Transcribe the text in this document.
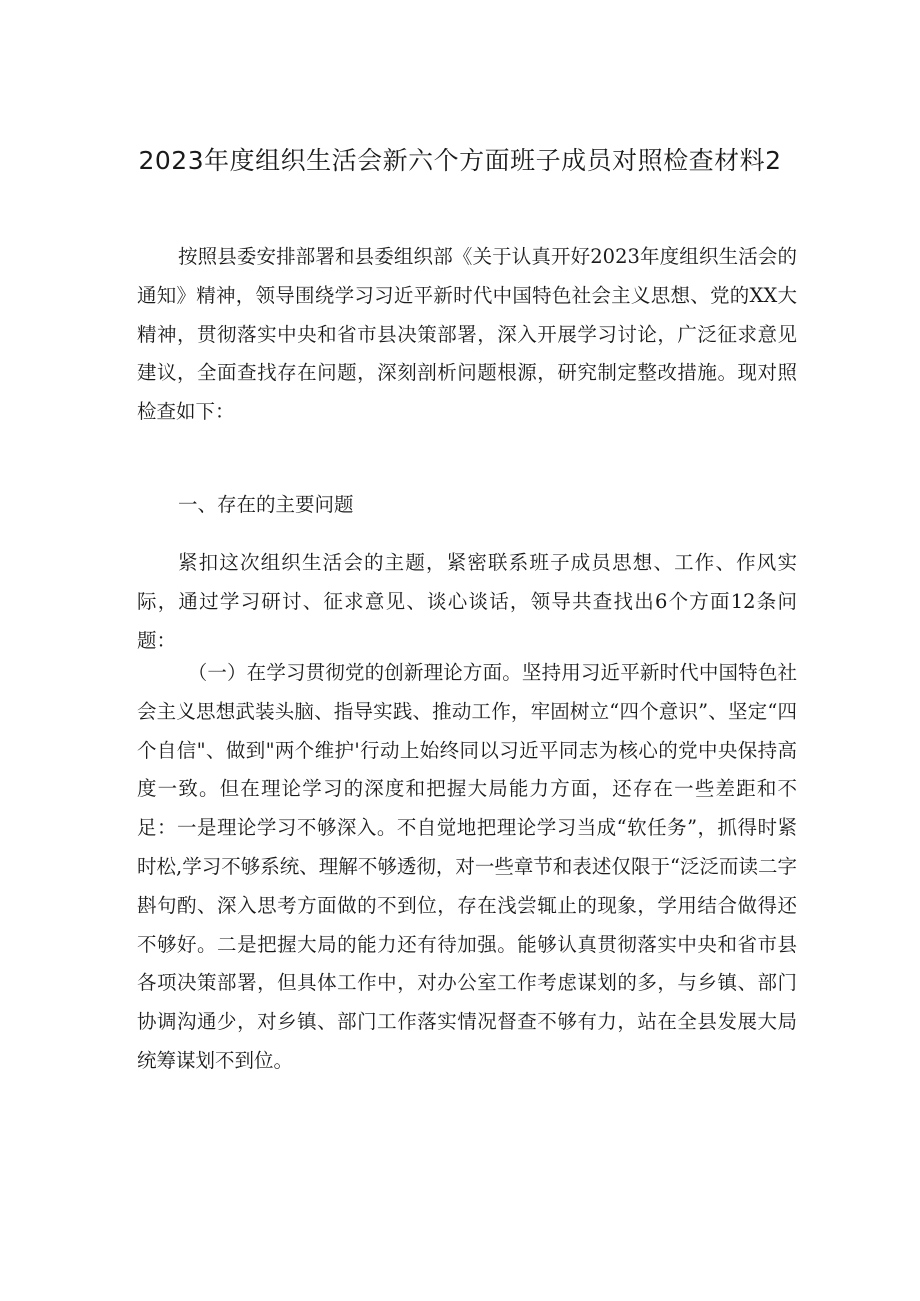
2023年度组织生活会新六个方面班子成员对照检查材料2

按照县委安排部署和县委组织部《关于认真开好2023年度组织生活会的通知》精神，领导围绕学习习近平新时代中国特色社会主义思想、党的XX大精神，贯彻落实中央和省市县决策部署，深入开展学习讨论，广泛征求意见建议，全面查找存在问题，深刻剖析问题根源，研究制定整改措施。现对照检查如下：

一、存在的主要问题

紧扣这次组织生活会的主题，紧密联系班子成员思想、工作、作风实际，通过学习研讨、征求意见、谈心谈话，领导共查找出6个方面12条问题：

（一）在学习贯彻党的创新理论方面。坚持用习近平新时代中国特色社会主义思想武装头脑、指导实践、推动工作，牢固树立“四个意识”、坚定“四个自信"、做到"两个维护'行动上始终同以习近平同志为核心的党中央保持高度一致。但在理论学习的深度和把握大局能力方面，还存在一些差距和不足：一是理论学习不够深入。不自觉地把理论学习当成“软任务”，抓得时紧时松,学习不够系统、理解不够透彻，对一些章节和表述仅限于“泛泛而读二字斟句酌、深入思考方面做的不到位，存在浅尝辄止的现象，学用结合做得还不够好。二是把握大局的能力还有待加强。能够认真贯彻落实中央和省市县各项决策部署，但具体工作中，对办公室工作考虑谋划的多，与乡镇、部门协调沟通少，对乡镇、部门工作落实情况督查不够有力，站在全县发展大局统筹谋划不到位。
